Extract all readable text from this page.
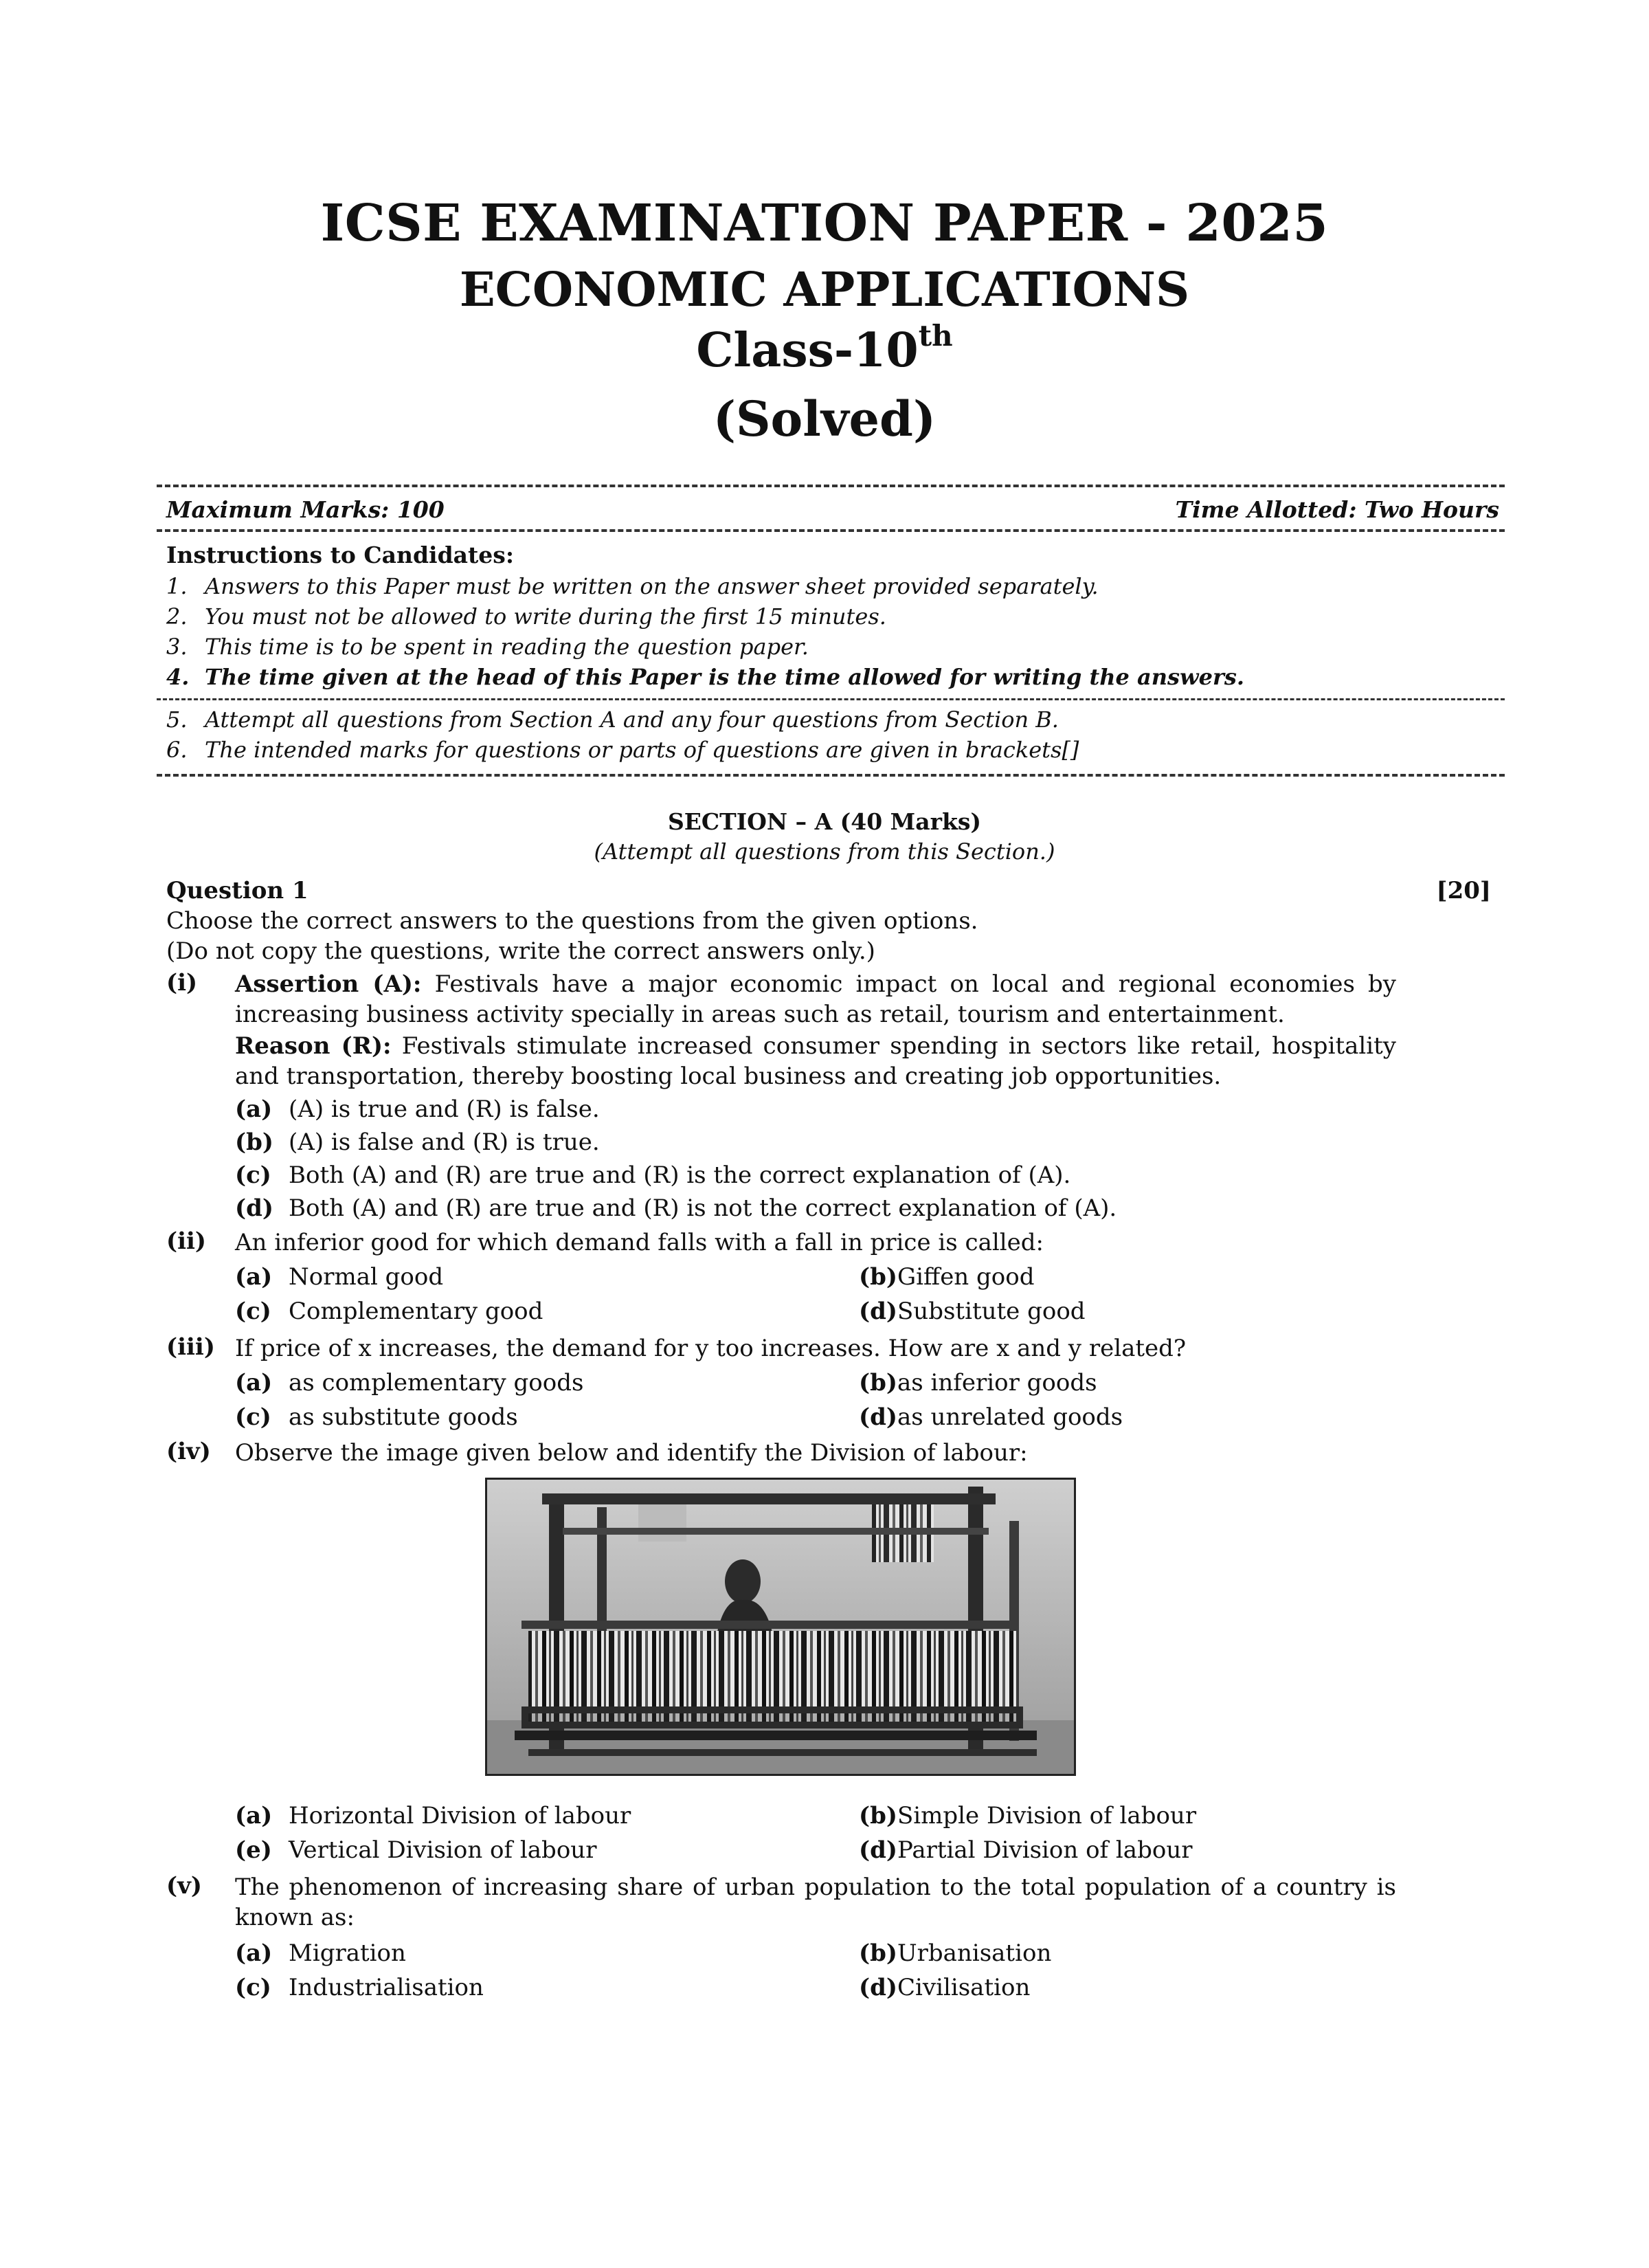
ICSE EXAMINATION PAPER - 2025
ECONOMIC APPLICATIONS
Class-10th
(Solved)
Maximum Marks: 100	Time Allotted: Two Hours
Instructions to Candidates:
1. Answers to this Paper must be written on the answer sheet provided separately.
2. You must not be allowed to write during the first 15 minutes.
3. This time is to be spent in reading the question paper.
4. The time given at the head of this Paper is the time allowed for writing the answers.
5. Attempt all questions from Section A and any four questions from Section B.
6. The intended marks for questions or parts of questions are given in brackets[]
SECTION – A (40 Marks)
(Attempt all questions from this Section.)
Question 1	[20]
Choose the correct answers to the questions from the given options.
(Do not copy the questions, write the correct answers only.)
(i) Assertion (A): Festivals have a major economic impact on local and regional economies by increasing business activity specially in areas such as retail, tourism and entertainment.
Reason (R): Festivals stimulate increased consumer spending in sectors like retail, hospitality and transportation, thereby boosting local business and creating job opportunities.
(a) (A) is true and (R) is false.
(b) (A) is false and (R) is true.
(c) Both (A) and (R) are true and (R) is the correct explanation of (A).
(d) Both (A) and (R) are true and (R) is not the correct explanation of (A).
(ii) An inferior good for which demand falls with a fall in price is called:
(a) Normal good	(b)Giffen good
(c) Complementary good	(d)Substitute good
(iii) If price of x increases, the demand for y too increases. How are x and y related?
(a) as complementary goods	(b)as inferior goods
(c) as substitute goods	(d)as unrelated goods
(iv) Observe the image given below and identify the Division of labour:
(a) Horizontal Division of labour	(b)Simple Division of labour
(e) Vertical Division of labour	(d)Partial Division of labour
(v) The phenomenon of increasing share of urban population to the total population of a country is known as:
(a) Migration	(b)Urbanisation
(c) Industrialisation	(d)Civilisation
